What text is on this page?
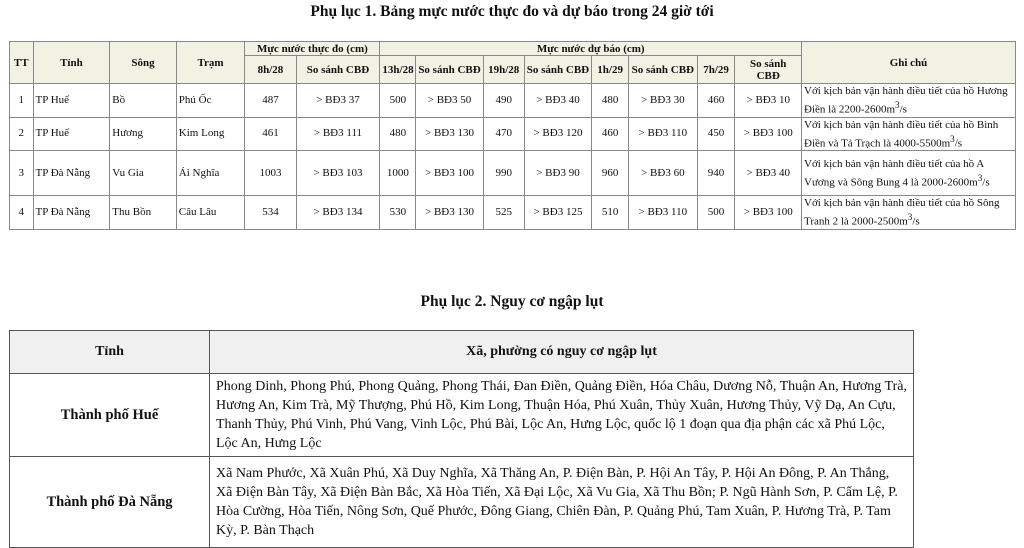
Phụ lục 1. Bảng mực nước thực đo và dự báo trong 24 giờ tới
TT	Tỉnh	Sông	Trạm	Mực nước thực đo (cm)		Mực nước dự báo (cm)								Ghi chú
				8h/28	So sánh CBĐ	13h/28	So sánh CBĐ	19h/28	So sánh CBĐ	1h/29	So sánh CBĐ	7h/29	So sánh CBĐ	
1	TP Huế	Bồ	Phú Ốc	487	> BĐ3 37	500	> BĐ3 50	490	> BĐ3 40	480	> BĐ3 30	460	> BĐ3 10	Với kịch bản vận hành điều tiết của hồ Hương Điền là $2200-2600m^3/s$
2	TP Huế	Hương	Kim Long	461	> BĐ3 111	480	> BĐ3 130	470	> BĐ3 120	460	> BĐ3 110	450	> BĐ3 100	Với kịch bản vận hành điều tiết của hồ Bình Điền và Tả Trạch là $4000-5500m^3/s$
3	TP Đà Nẵng	Vu Gia	Ái Nghĩa	1003	> BĐ3 103	1000	> BĐ3 100	990	> BĐ3 90	960	> BĐ3 60	940	> BĐ3 40	Với kịch bản vận hành điều tiết của hồ A Vương và Sông Bung 4 là $2000-2600m^3/s$
4	TP Đà Nẵng	Thu Bồn	Câu Lâu	534	> BĐ3 134	530	> BĐ3 130	525	> BĐ3 125	510	> BĐ3 110	500	> BĐ3 100	Với kịch bản vận hành điều tiết của hồ Sông Tranh 2 là $2000-2500m^3/s$
Phụ lục 2. Nguy cơ ngập lụt
Tỉnh	Xã, phường có nguy cơ ngập lụt
Thành phố Huế	Phong Dinh, Phong Phú, Phong Quảng, Phong Thái, Đan Điền, Quảng Điền, Hóa Châu, Dương Nỗ, Thuận An, Hương Trà, Hương An, Kim Trà, Mỹ Thượng, Phú Hồ, Kim Long, Thuận Hóa, Phú Xuân, Thủy Xuân, Hương Thủy, Vỹ Dạ, An Cựu, Thanh Thủy, Phú Vinh, Phú Vang, Vinh Lộc, Phú Bài, Lộc An, Hưng Lộc, quốc lộ 1 đoạn qua địa phận các xã Phú Lộc, Lộc An, Hưng Lộc
Thành phố Đà Nẵng	Xã Nam Phước, Xã Xuân Phú, Xã Duy Nghĩa, Xã Thăng An, P. Điện Bàn, P. Hội An Tây, P. Hội An Đông, P. An Thắng, Xã Điện Bàn Tây, Xã Điện Bàn Bắc, Xã Hòa Tiến, Xã Đại Lộc, Xã Vu Gia, Xã Thu Bồn; P. Ngũ Hành Sơn, P. Cẩm Lệ, P. Hòa Cường, Hòa Tiến, Nông Sơn, Quế Phước, Đông Giang, Chiên Đàn, P. Quảng Phú, Tam Xuân, P. Hương Trà, P. Tam Kỳ, P. Bàn Thạch
